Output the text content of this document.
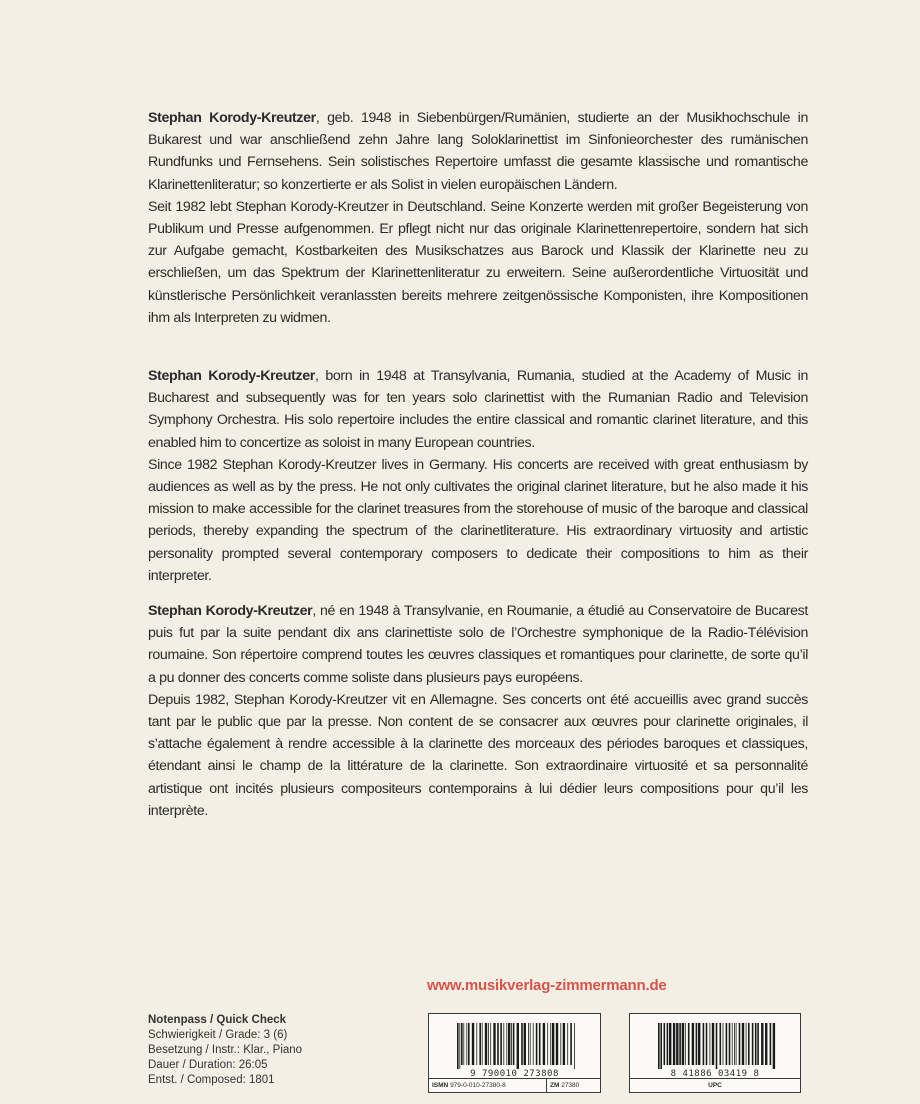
Stephan Korody-Kreutzer, geb. 1948 in Siebenbürgen/Rumänien, studierte an der Musikhochschule in Bukarest und war anschließend zehn Jahre lang Soloklarinettist im Sinfonieorchester des rumänischen Rundfunks und Fernsehens. Sein solistisches Repertoire umfasst die gesamte klassische und romantische Klarinettenliteratur; so konzertierte er als Solist in vielen europäischen Ländern.

Seit 1982 lebt Stephan Korody-Kreutzer in Deutschland. Seine Konzerte werden mit großer Begeisterung von Publikum und Presse aufgenommen. Er pflegt nicht nur das originale Klarinettenrepertoire, sondern hat sich zur Aufgabe gemacht, Kostbarkeiten des Musikschatzes aus Barock und Klassik der Klarinette neu zu erschließen, um das Spektrum der Klarinettenliteratur zu erweitern. Seine außerordentliche Virtuosität und künstlerische Persönlichkeit veranlassten bereits mehrere zeitgenössische Komponisten, ihre Kompositionen ihm als Interpreten zu widmen.

Stephan Korody-Kreutzer, born in 1948 at Transylvania, Rumania, studied at the Academy of Music in Bucharest and subsequently was for ten years solo clarinettist with the Rumanian Radio and Television Symphony Orchestra. His solo repertoire includes the entire classical and romantic clarinet literature, and this enabled him to concertize as soloist in many European countries.

Since 1982 Stephan Korody-Kreutzer lives in Germany. His concerts are received with great enthusiasm by audiences as well as by the press. He not only cultivates the original clarinet literature, but he also made it his mission to make accessible for the clarinet treasures from the storehouse of music of the baroque and classical periods, thereby expanding the spectrum of the clarinetliterature. His extraordinary virtuosity and artistic personality prompted several contemporary composers to dedicate their compositions to him as their interpreter.

Stephan Korody-Kreutzer, né en 1948 à Transylvanie, en Roumanie, a étudié au Conservatoire de Bucarest puis fut par la suite pendant dix ans clarinettiste solo de l’Orchestre symphonique de la Radio-Télévision roumaine. Son répertoire comprend toutes les œuvres classiques et romantiques pour clarinette, de sorte qu’il a pu donner des concerts comme soliste dans plusieurs pays européens.

Depuis 1982, Stephan Korody-Kreutzer vit en Allemagne. Ses concerts ont été accueillis avec grand succès tant par le public que par la presse. Non content de se consacrer aux œuvres pour clarinette originales, il s’attache également à rendre accessible à la clarinette des morceaux des périodes baroques et classiques, étendant ainsi le champ de la littérature de la clarinette. Son extraordinaire virtuosité et sa personnalité artistique ont incités plusieurs compositeurs contemporains à lui dédier leurs compositions pour qu’il les interprète.

www.musikverlag-zimmermann.de
Notenpass / Quick Check
Schwierigkeit / Grade: 3 (6)
Besetzung / Instr.: Klar., Piano
Dauer / Duration: 26:05
Entst. / Composed: 1801	9 790010 273808
ISMN 979-0-010-27380-8	ZM 27380
8 41886 03419 8
UPC
